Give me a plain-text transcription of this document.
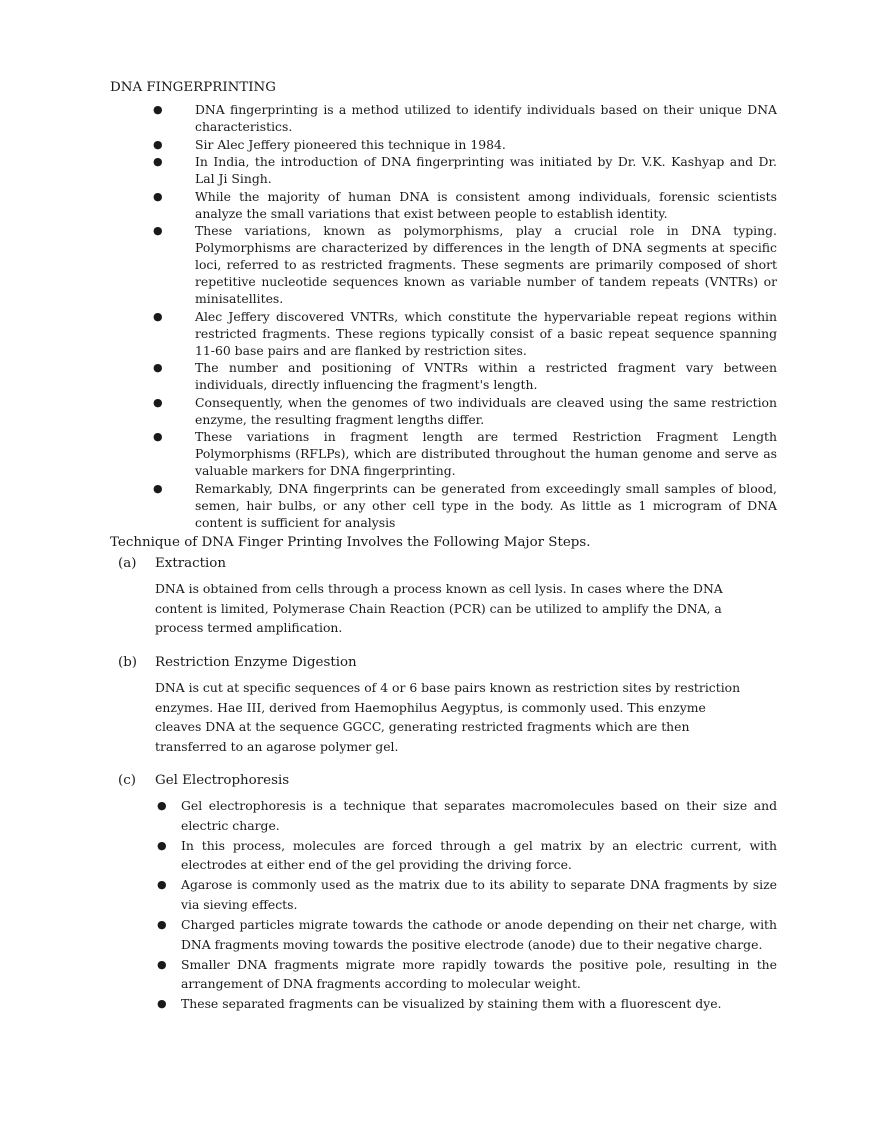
DNA FINGERPRINTING
●	DNA fingerprinting is a method utilized to identify individuals based on their unique DNA characteristics.
●	Sir Alec Jeffery pioneered this technique in 1984.
●	In India, the introduction of DNA fingerprinting was initiated by Dr. V.K. Kashyap and Dr. Lal Ji Singh.
●	While the majority of human DNA is consistent among individuals, forensic scientists analyze the small variations that exist between people to establish identity.
●	These variations, known as polymorphisms, play a crucial role in DNA typing. Polymorphisms are characterized by differences in the length of DNA segments at specific loci, referred to as restricted fragments. These segments are primarily composed of short repetitive nucleotide sequences known as variable number of tandem repeats (VNTRs) or minisatellites.
●	Alec Jeffery discovered VNTRs, which constitute the hypervariable repeat regions within restricted fragments. These regions typically consist of a basic repeat sequence spanning 11-60 base pairs and are flanked by restriction sites.
●	The number and positioning of VNTRs within a restricted fragment vary between individuals, directly influencing the fragment's length.
●	Consequently, when the genomes of two individuals are cleaved using the same restriction enzyme, the resulting fragment lengths differ.
●	These variations in fragment length are termed Restriction Fragment Length Polymorphisms (RFLPs), which are distributed throughout the human genome and serve as valuable markers for DNA fingerprinting.
●	Remarkably, DNA fingerprints can be generated from exceedingly small samples of blood, semen, hair bulbs, or any other cell type in the body. As little as 1 microgram of DNA content is sufficient for analysis
Technique of DNA Finger Printing Involves the Following Major Steps.
(a) Extraction

DNA is obtained from cells through a process known as cell lysis. In cases where the DNA content is limited, Polymerase Chain Reaction (PCR) can be utilized to amplify the DNA, a process termed amplification.

(b) Restriction Enzyme Digestion

DNA is cut at specific sequences of 4 or 6 base pairs known as restriction sites by restriction enzymes. Hae III, derived from Haemophilus Aegyptus, is commonly used. This enzyme cleaves DNA at the sequence GGCC, generating restricted fragments which are then transferred to an agarose polymer gel.

(c) Gel Electrophoresis
● Gel electrophoresis is a technique that separates macromolecules based on their size and electric charge.
● In this process, molecules are forced through a gel matrix by an electric current, with electrodes at either end of the gel providing the driving force.
● Agarose is commonly used as the matrix due to its ability to separate DNA fragments by size via sieving effects.
● Charged particles migrate towards the cathode or anode depending on their net charge, with DNA fragments moving towards the positive electrode (anode) due to their negative charge.
● Smaller DNA fragments migrate more rapidly towards the positive pole, resulting in the arrangement of DNA fragments according to molecular weight.
● These separated fragments can be visualized by staining them with a fluorescent dye.
